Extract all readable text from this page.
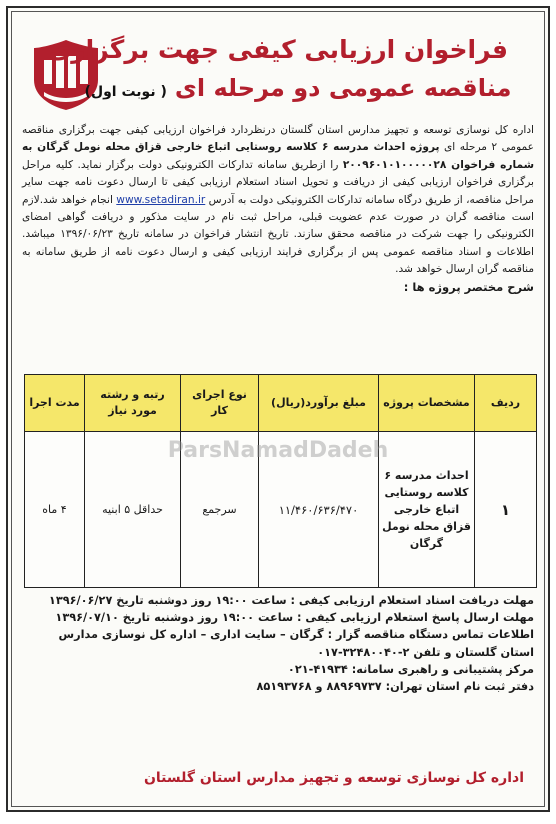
فراخوان ارزیابی کیفی جهت برگزاری
مناقصه عمومی دو مرحله ای( نوبت اول)
اداره کل نوسازی توسعه و تجهیز مدارس استان گلستان درنظردارد فراخوان ارزیابی کیفی جهت برگزاری مناقصه عمومی ۲ مرحله ای پروژه احداث مدرسه ۶ کلاسه روستایی اتباع خارجی قزاق محله نومل گرگان به شماره فراخوان ۲۰۰۹۶۰۱۰۱۰۰۰۰۰۲۸ را ازطریق سامانه تدارکات الکترونیکی دولت برگزار نماید. کلیه مراحل برگزاری فراخوان ارزیابی کیفی از دریافت و تحویل اسناد استعلام ارزیابی کیفی تا ارسال دعوت نامه جهت سایر مراحل مناقصه، از طریق درگاه سامانه تدارکات الکترونیکی دولت به آدرس www.setadiran.ir انجام خواهد شد.لازم است مناقصه گران در صورت عدم عضویت قبلی، مراحل ثبت نام در سایت مذکور و دریافت گواهی امضای الکترونیکی را جهت شرکت در مناقصه محقق سازند. تاریخ انتشار فراخوان در سامانه تاریخ ۱۳۹۶/۰۶/۲۳ میباشد. اطلاعات و اسناد مناقصه عمومی پس از برگزاری فرایند ارزیابی کیفی و ارسال دعوت نامه از طریق سامانه به مناقصه گران ارسال خواهد شد.
شرح مختصر پروژه ها :
ردیف	مشخصات پروژه	مبلغ برآورد(ریال)	نوع اجرای کار	رتبه و رشته مورد نیاز	مدت اجرا
۱	احداث مدرسه ۶ کلاسه روستایی اتباع خارجی قزاق محله نومل گرگان	۱۱/۴۶۰/۶۳۶/۴۷۰	سرجمع	حداقل ۵ ابنیه	۴ ماه
ParsNamadDadeh

مهلت دریافت اسناد استعلام ارزیابی کیفی : ساعت ۱۹:۰۰ روز دوشنبه تاریخ ۱۳۹۶/۰۶/۲۷

مهلت ارسال پاسخ استعلام ارزیابی کیفی : ساعت ۱۹:۰۰ روز دوشنبه تاریخ ۱۳۹۶/۰۷/۱۰

اطلاعات تماس دستگاه مناقصه گزار : گرگان – سایت اداری – اداره کل نوسازی مدارس استان گلستان و تلفن ۲-۳۲۴۸۰۰۴۰-۰۱۷

مرکز پشتیبانی و راهبری سامانه: ۴۱۹۳۴-۰۲۱

دفتر ثبت نام استان تهران: ۸۸۹۶۹۷۳۷ و ۸۵۱۹۳۷۶۸

اداره کل نوسازی توسعه و تجهیز مدارس استان گلستان
